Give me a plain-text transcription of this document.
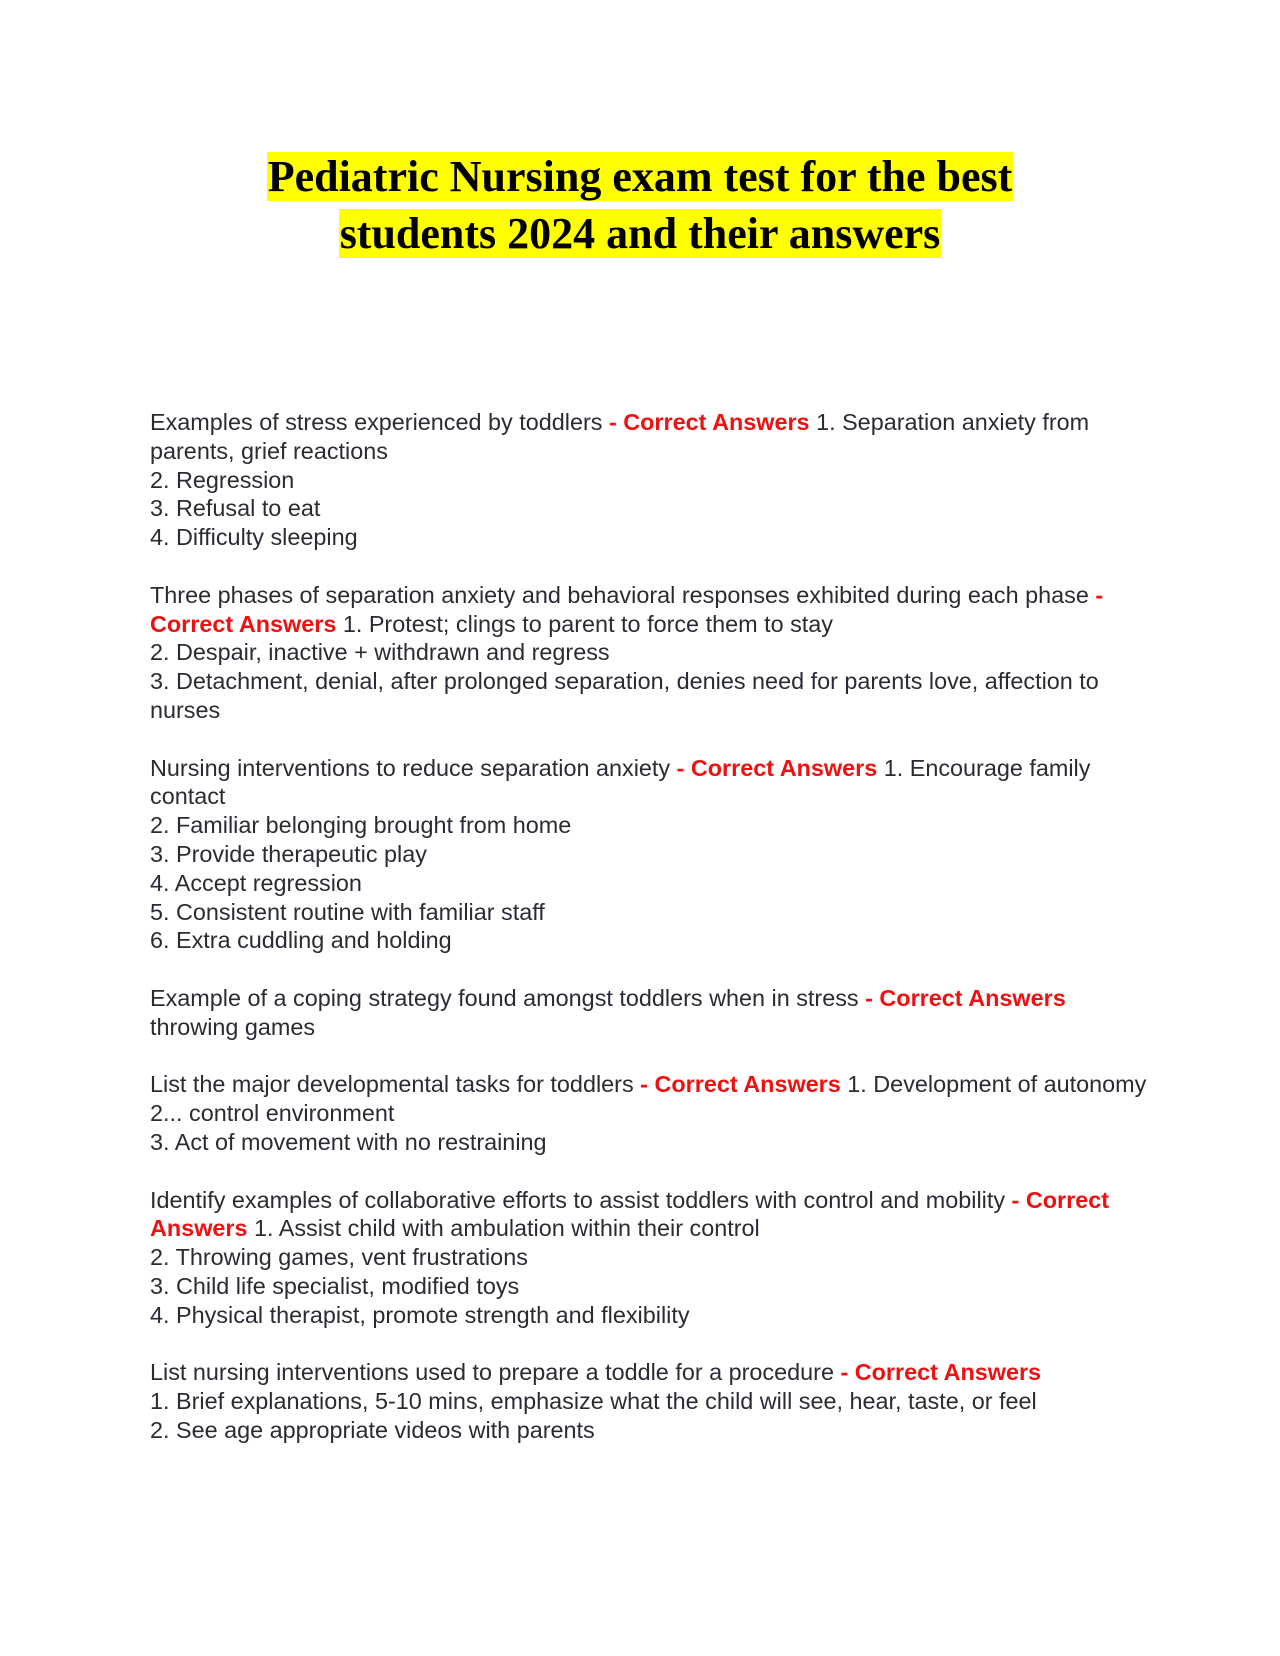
Pediatric Nursing exam test for the best
students 2024 and their answers

Examples of stress experienced by toddlers - Correct Answers 1. Separation anxiety from parents, grief reactions

2. Regression

3. Refusal to eat

4. Difficulty sleeping

Three phases of separation anxiety and behavioral responses exhibited during each phase - Correct Answers 1. Protest; clings to parent to force them to stay

2. Despair, inactive + withdrawn and regress

3. Detachment, denial, after prolonged separation, denies need for parents love, affection to nurses

Nursing interventions to reduce separation anxiety - Correct Answers 1. Encourage family contact

2. Familiar belonging brought from home

3. Provide therapeutic play

4. Accept regression

5. Consistent routine with familiar staff

6. Extra cuddling and holding

Example of a coping strategy found amongst toddlers when in stress - Correct Answers throwing games

List the major developmental tasks for toddlers - Correct Answers 1. Development of autonomy

2... control environment

3. Act of movement with no restraining

Identify examples of collaborative efforts to assist toddlers with control and mobility - Correct Answers 1. Assist child with ambulation within their control

2. Throwing games, vent frustrations

3. Child life specialist, modified toys

4. Physical therapist, promote strength and flexibility

List nursing interventions used to prepare a toddle for a procedure - Correct Answers

1. Brief explanations, 5-10 mins, emphasize what the child will see, hear, taste, or feel

2. See age appropriate videos with parents
